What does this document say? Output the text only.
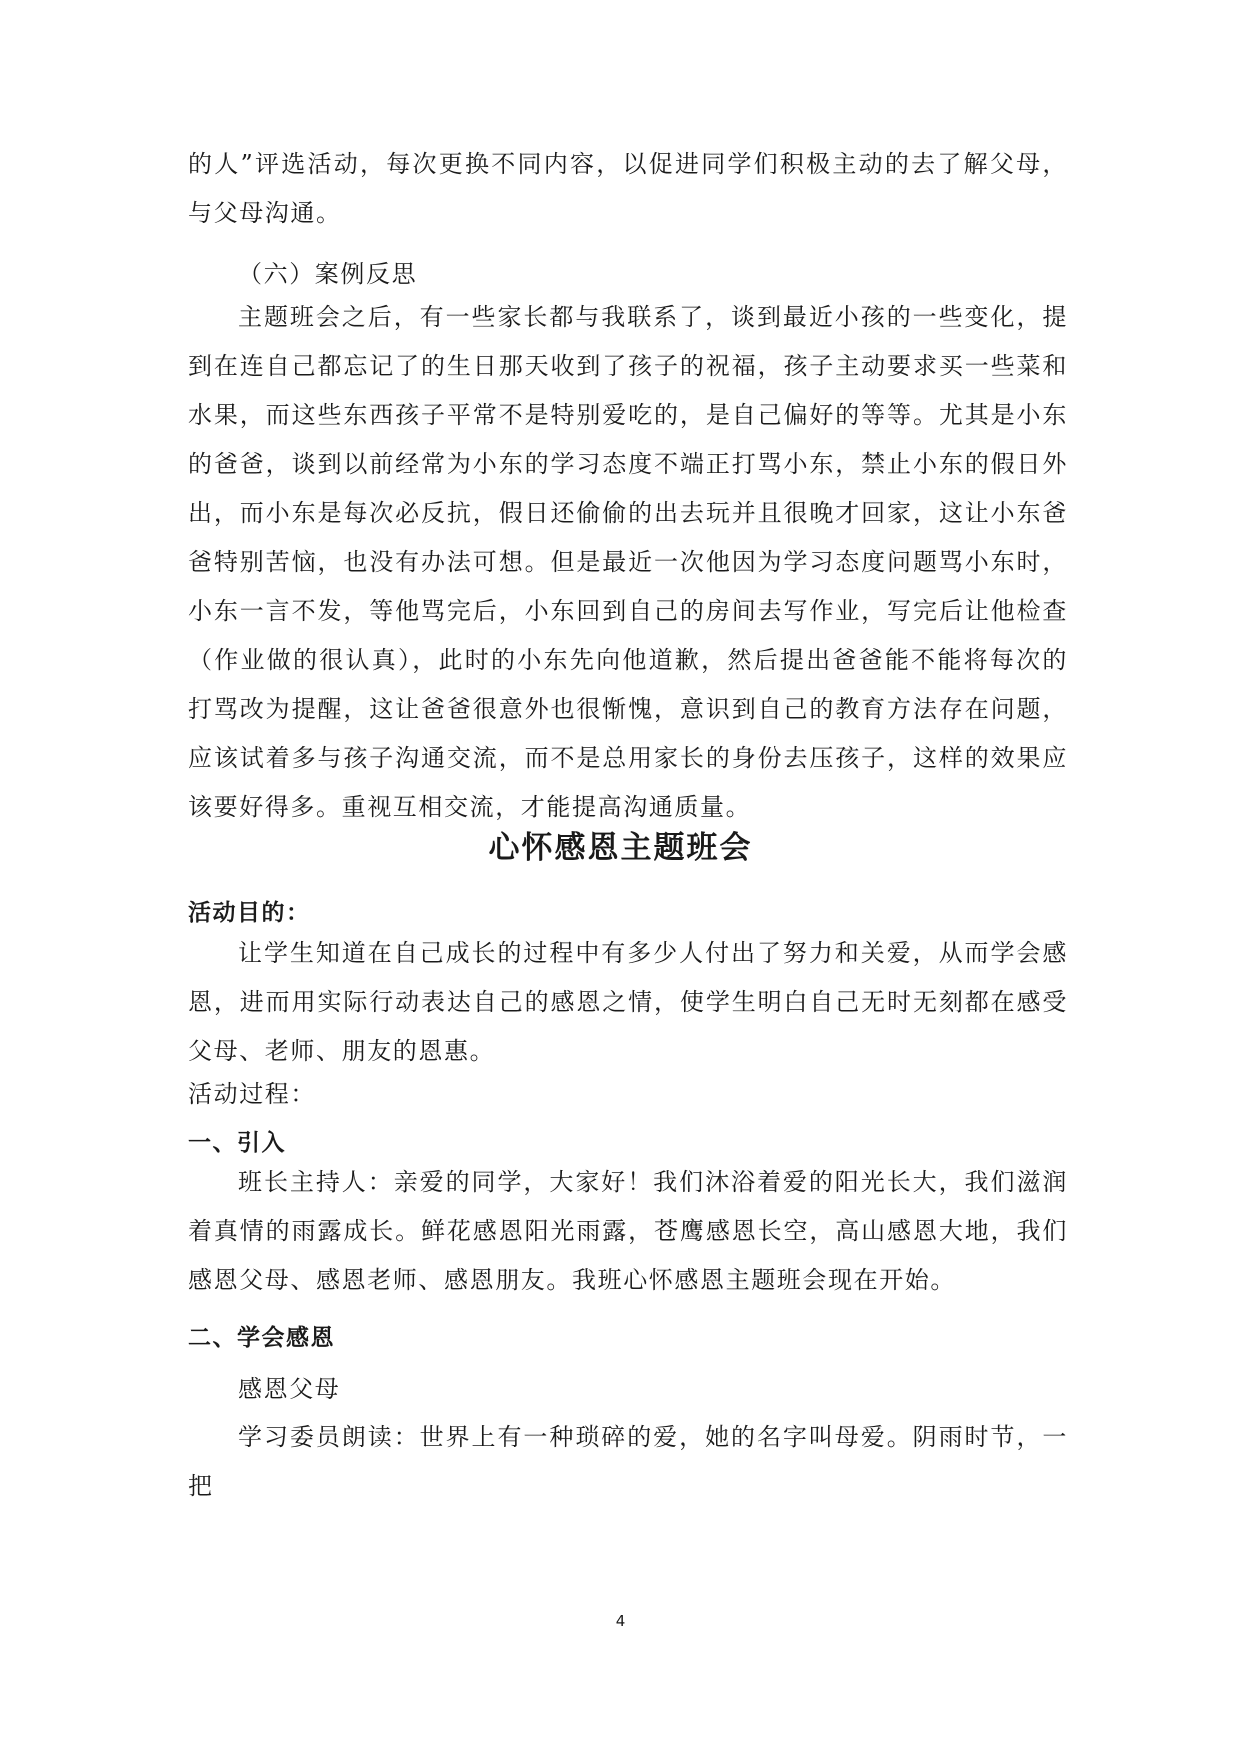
的人”评选活动，每次更换不同内容，以促进同学们积极主动的去了解父母，与父母沟通。

（六）案例反思

主题班会之后，有一些家长都与我联系了，谈到最近小孩的一些变化，提到在连自己都忘记了的生日那天收到了孩子的祝福，孩子主动要求买一些菜和水果，而这些东西孩子平常不是特别爱吃的，是自己偏好的等等。尤其是小东的爸爸，谈到以前经常为小东的学习态度不端正打骂小东，禁止小东的假日外出，而小东是每次必反抗，假日还偷偷的出去玩并且很晚才回家，这让小东爸爸特别苦恼，也没有办法可想。但是最近一次他因为学习态度问题骂小东时，小东一言不发，等他骂完后，小东回到自己的房间去写作业，写完后让他检查（作业做的很认真），此时的小东先向他道歉，然后提出爸爸能不能将每次的打骂改为提醒，这让爸爸很意外也很惭愧，意识到自己的教育方法存在问题，应该试着多与孩子沟通交流，而不是总用家长的身份去压孩子，这样的效果应该要好得多。重视互相交流，才能提高沟通质量。

心怀感恩主题班会

活动目的：

让学生知道在自己成长的过程中有多少人付出了努力和关爱，从而学会感恩，进而用实际行动表达自己的感恩之情，使学生明白自己无时无刻都在感受父母、老师、朋友的恩惠。

活动过程：

一、引入

班长主持人：亲爱的同学，大家好！我们沐浴着爱的阳光长大，我们滋润着真情的雨露成长。鲜花感恩阳光雨露，苍鹰感恩长空，高山感恩大地，我们感恩父母、感恩老师、感恩朋友。我班心怀感恩主题班会现在开始。

二、学会感恩

感恩父母

学习委员朗读：世界上有一种琐碎的爱，她的名字叫母爱。阴雨时节，一把

4
